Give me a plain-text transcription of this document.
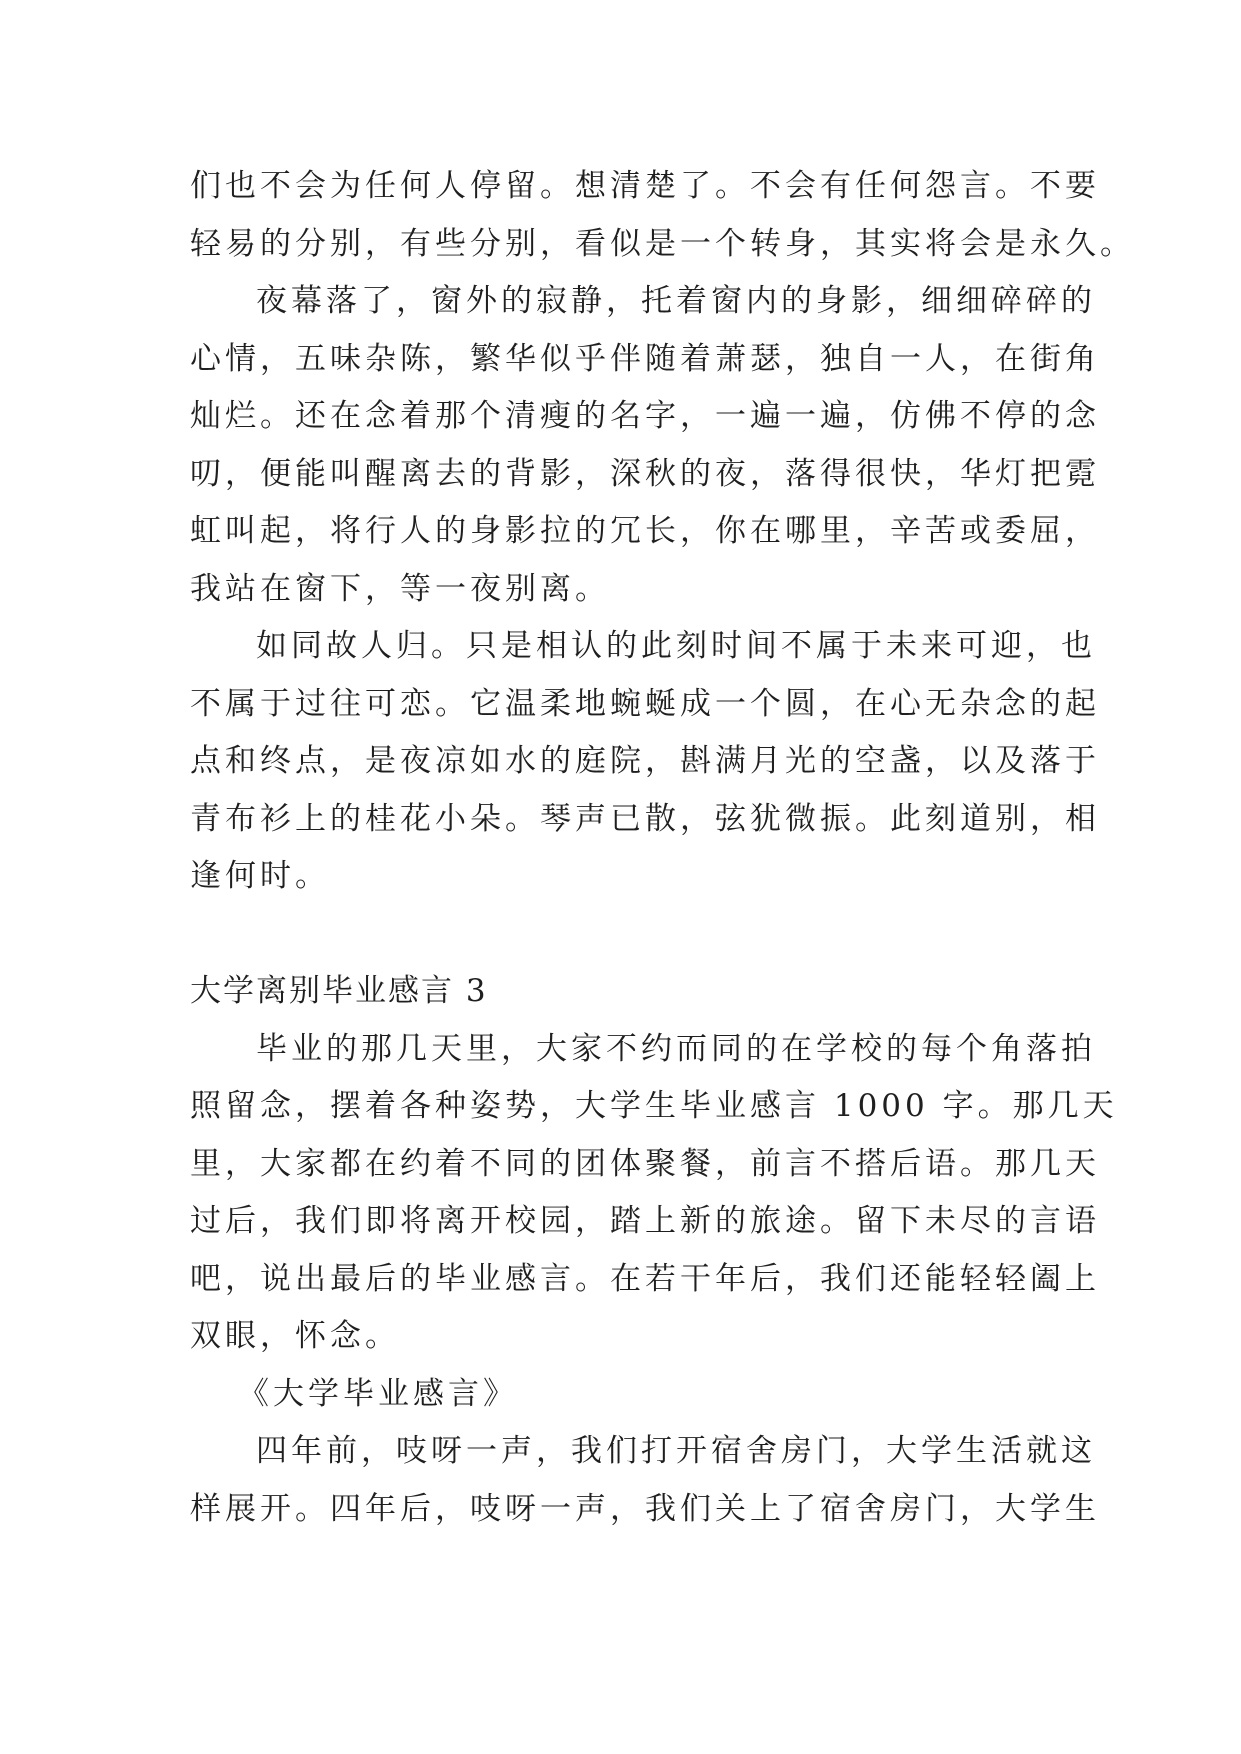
们也不会为任何人停留。想清楚了。不会有任何怨言。不要
轻易的分别，有些分别，看似是一个转身，其实将会是永久。
夜幕落了，窗外的寂静，托着窗内的身影，细细碎碎的
心情，五味杂陈，繁华似乎伴随着萧瑟，独自一人，在街角
灿烂。还在念着那个清瘦的名字，一遍一遍，仿佛不停的念
叨，便能叫醒离去的背影，深秋的夜，落得很快，华灯把霓
虹叫起，将行人的身影拉的冗长，你在哪里，辛苦或委屈，
我站在窗下，等一夜别离。
如同故人归。只是相认的此刻时间不属于未来可迎，也
不属于过往可恋。它温柔地蜿蜒成一个圆，在心无杂念的起
点和终点，是夜凉如水的庭院，斟满月光的空盏，以及落于
青布衫上的桂花小朵。琴声已散，弦犹微振。此刻道别，相
逢何时。
大学离别毕业感言 3
毕业的那几天里，大家不约而同的在学校的每个角落拍
照留念，摆着各种姿势，大学生毕业感言 1000 字。那几天
里，大家都在约着不同的团体聚餐，前言不搭后语。那几天
过后，我们即将离开校园，踏上新的旅途。留下未尽的言语
吧，说出最后的毕业感言。在若干年后，我们还能轻轻阖上
双眼，怀念。
《大学毕业感言》
四年前，吱呀一声，我们打开宿舍房门，大学生活就这
样展开。四年后，吱呀一声，我们关上了宿舍房门，大学生
